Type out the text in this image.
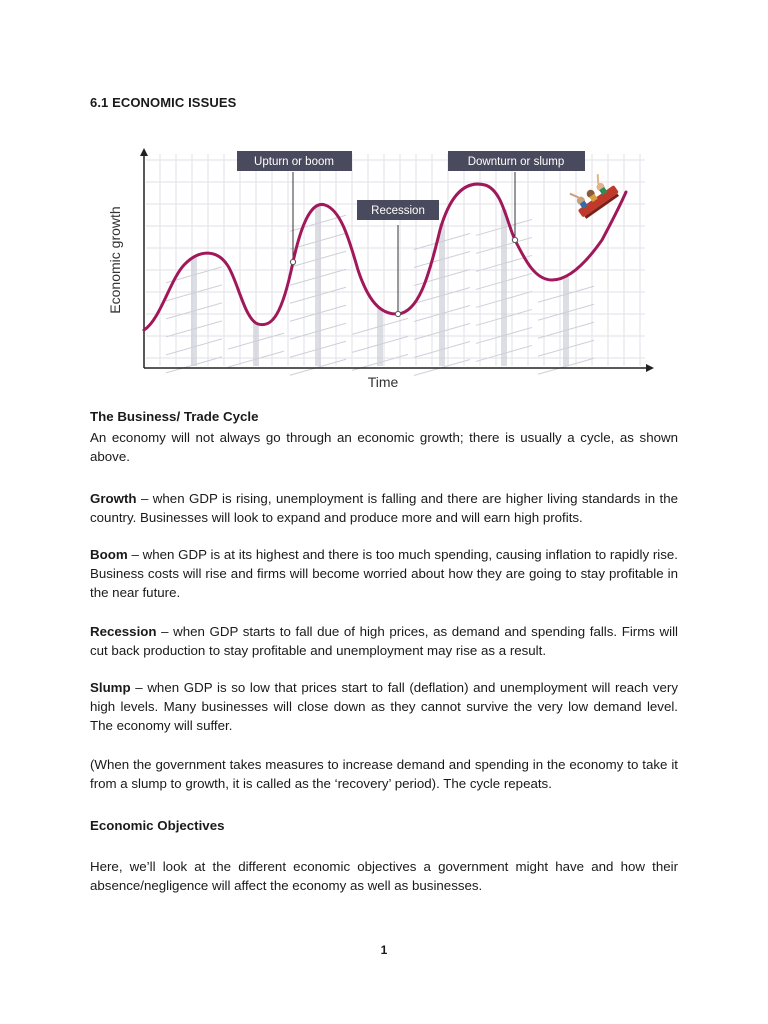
6.1 ECONOMIC ISSUES
Upturn or boom
Recession
Downturn or slump
Economic growth
Time
The Business/ Trade Cycle
An economy will not always go through an economic growth; there is usually a cycle, as shown above.
Growth – when GDP is rising, unemployment is falling and there are higher living standards in the country. Businesses will look to expand and produce more and will earn high profits.
Boom – when GDP is at its highest and there is too much spending, causing inflation to rapidly rise. Business costs will rise and firms will become worried about how they are going to stay profitable in the near future.
Recession – when GDP starts to fall due of high prices, as demand and spending falls. Firms will cut back production to stay profitable and unemployment may rise as a result.
Slump – when GDP is so low that prices start to fall (deflation) and unemployment will reach very high levels. Many businesses will close down as they cannot survive the very low demand level. The economy will suffer.
(When the government takes measures to increase demand and spending in the economy to take it from a slump to growth, it is called as the ‘recovery’ period). The cycle repeats.
Economic Objectives
Here, we’ll look at the different economic objectives a government might have and how their absence/negligence will affect the economy as well as businesses.
1
